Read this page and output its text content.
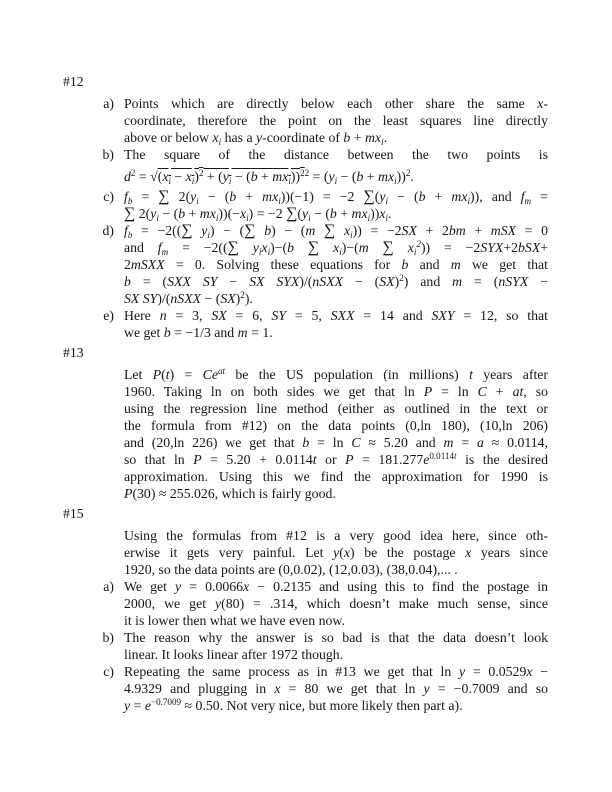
#12
a) Points which are directly below each other share the same x-
coordinate, therefore the point on the least squares line directly
above or below $x_i$ has a y-coordinate of $b + mx_i$.
b) The square of the distance between the two points is
$d^2 = √(x_i - x_i)^2 + (y_i - (b + mx_i))^{22} = (y_i - (b + mx_i))^2$.
c) $f_b$ = ∑ $2(y_i - (b + mx_i))(-1) = -2$ $\sum(y_i - (b + mx_i))$, and $f_m$ =
∑ $2(y_i - (b + mx_i))(-x_i) = -2$ $\sum(y_i - (b + mx_i))x_i$.
d) $f_b = -2((\sum$ $y_i$) − (∑ b) − (m ∑ $x_i)) = -2SX + 2bm$ + mSX = 0
and $f_m = -2((\sum$ $y_ix_i)-(b$ ∑ $x_i)-(m$ ∑ $x_i^2)) = -2SYX+2bSX+$
2mSXX = 0. Solving these equations for b and m we get that
b = (SXX SY − SX SYX)/(nSXX − (SX)$^2$) and m = (nSYX −
SX SY)/(nSXX − (SX)$^2$).
e) Here n = 3, SX = 6, SY = 5, SXX = 14 and SXY = 12, so that
we get b = −1/3 and m = 1.
#13
Let $P(t) = Ce^{at}$ be the US population (in millions) t years after
1960. Taking ln on both sides we get that ln P = ln C + at, so
using the regression line method (either as outlined in the text or
the formula from #12) on the data points (0,ln 180), (10,ln 206)
and (20,ln 226) we get that b = ln C ≈ 5.20 and m = a ≈ 0.0114,
so that ln P = 5.20 + 0.0114t or $P = 181.277e^{0.0114t}$ is the desired
approximation. Using this we find the approximation for 1990 is
P(30) ≈ 255.026, which is fairly good.
#15
Using the formulas from #12 is a very good idea here, since oth-
erwise it gets very painful. Let y(x) be the postage x years since
1920, so the data points are (0,0.02), (12,0.03), (38,0.04),... .
a) We get y = 0.0066x − 0.2135 and using this to find the postage in
2000, we get y(80) = .314, which doesn’t make much sense, since
it is lower then what we have even now.
b) The reason why the answer is so bad is that the data doesn’t look
linear. It looks linear after 1972 though.
c) Repeating the same process as in #13 we get that ln y = 0.0529x −
4.9329 and plugging in x = 80 we get that ln y = −0.7009 and so
$y = e^{-0.7009} \approx 0.50$. Not very nice, but more likely then part a).
